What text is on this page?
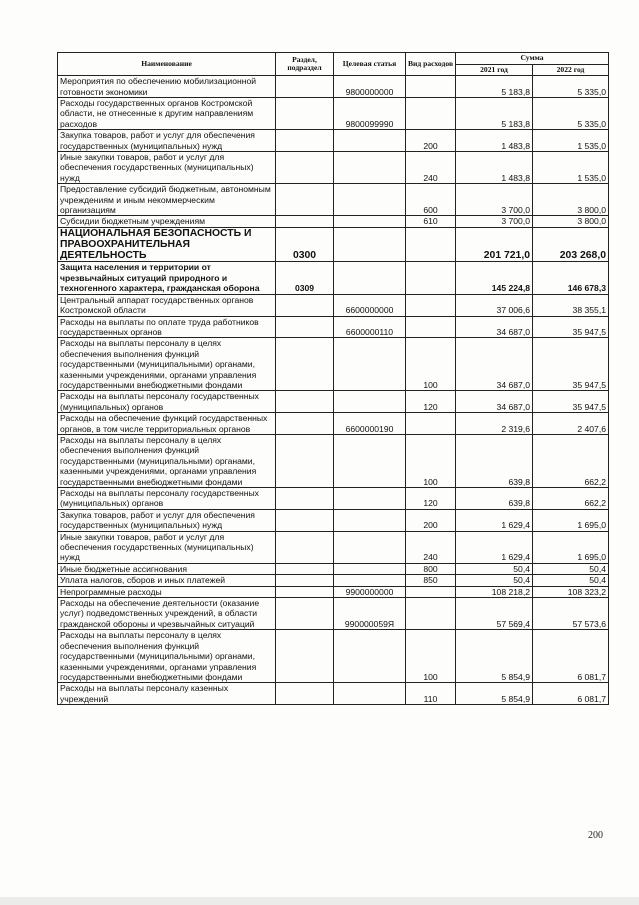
Наименование	Раздел, подраздел	Целевая статья	Вид расходов	Сумма	
				2021 год	2022 год
Мероприятия по обеспечению мобилизационной готовности экономики		9800000000		5 183,8	5 335,0
Расходы государственных органов Костромской области, не отнесенные к другим направлениям расходов		9800099990		5 183,8	5 335,0
Закупка товаров, работ и услуг для обеспечения государственных (муниципальных) нужд			200	1 483,8	1 535,0
Иные закупки товаров, работ и услуг для обеспечения государственных (муниципальных) нужд			240	1 483,8	1 535,0
Предоставление субсидий бюджетным, автономным учреждениям и иным некоммерческим организациям			600	3 700,0	3 800,0
Субсидии бюджетным учреждениям			610	3 700,0	3 800,0
НАЦИОНАЛЬНАЯ БЕЗОПАСНОСТЬ И ПРАВООХРАНИТЕЛЬНАЯ ДЕЯТЕЛЬНОСТЬ	0300			201 721,0	203 268,0
Защита населения и территории от чрезвычайных ситуаций природного и техногенного характера, гражданская оборона	0309			145 224,8	146 678,3
Центральный аппарат государственных органов Костромской области		6600000000		37 006,6	38 355,1
Расходы на выплаты по оплате труда работников государственных органов		6600000110		34 687,0	35 947,5
Расходы на выплаты персоналу в целях обеспечения выполнения функций государственными (муниципальными) органами, казенными учреждениями, органами управления государственными внебюджетными фондами			100	34 687,0	35 947,5
Расходы на выплаты персоналу государственных (муниципальных) органов			120	34 687,0	35 947,5
Расходы на обеспечение функций государственных органов, в том числе территориальных органов		6600000190		2 319,6	2 407,6
Расходы на выплаты персоналу в целях обеспечения выполнения функций государственными (муниципальными) органами, казенными учреждениями, органами управления государственными внебюджетными фондами			100	639,8	662,2
Расходы на выплаты персоналу государственных (муниципальных) органов			120	639,8	662,2
Закупка товаров, работ и услуг для обеспечения государственных (муниципальных) нужд			200	1 629,4	1 695,0
Иные закупки товаров, работ и услуг для обеспечения государственных (муниципальных) нужд			240	1 629,4	1 695,0
Иные бюджетные ассигнования			800	50,4	50,4
Уплата налогов, сборов и иных платежей			850	50,4	50,4
Непрограммные расходы		9900000000		108 218,2	108 323,2
Расходы на обеспечение деятельности (оказание услуг) подведомственных учреждений, в области гражданской обороны и чрезвычайных ситуаций		990000059Я		57 569,4	57 573,6
Расходы на выплаты персоналу в целях обеспечения выполнения функций государственными (муниципальными) органами, казенными учреждениями, органами управления государственными внебюджетными фондами			100	5 854,9	6 081,7
Расходы на выплаты персоналу казенных учреждений			110	5 854,9	6 081,7
200
